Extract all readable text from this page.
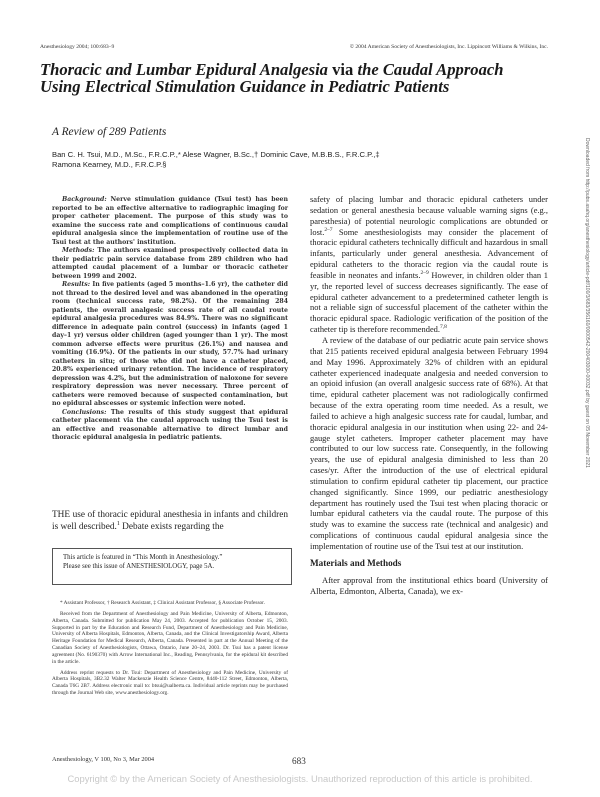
Anesthesiology 2004; 100:683–9	© 2004 American Society of Anesthesiologists, Inc. Lippincott Williams & Wilkins, Inc.
Thoracic and Lumbar Epidural Analgesia via the Caudal Approach Using Electrical Stimulation Guidance in Pediatric Patients
A Review of 289 Patients
Ban C. H. Tsui, M.D., M.Sc., F.R.C.P.,* Alese Wagner, B.Sc.,† Dominic Cave, M.B.B.S., F.R.C.P.,‡
Ramona Kearney, M.D., F.R.C.P.§

Background: Nerve stimulation guidance (Tsui test) has been reported to be an effective alternative to radiographic imaging for proper catheter placement. The purpose of this study was to examine the success rate and complications of continuous caudal epidural analgesia since the implementation of routine use of the Tsui test at the authors' institution.

Methods: The authors examined prospectively collected data in their pediatric pain service database from 289 children who had attempted caudal placement of a lumbar or thoracic catheter between 1999 and 2002.

Results: In five patients (aged 5 months–1.6 yr), the catheter did not thread to the desired level and was abandoned in the operating room (technical success rate, 98.2%). Of the remaining 284 patients, the overall analgesic success rate of all caudal route epidural analgesia procedures was 84.9%. There was no significant difference in adequate pain control (success) in infants (aged 1 day–1 yr) versus older children (aged younger than 1 yr). The most common adverse effects were pruritus (26.1%) and nausea and vomiting (16.9%). Of the patients in our study, 57.7% had urinary catheters in situ; of those who did not have a catheter placed, 20.8% experienced urinary retention. The incidence of respiratory depression was 4.2%, but the administration of naloxone for severe respiratory depression was never necessary. Three percent of catheters were removed because of suspected contamination, but no epidural abscesses or systemic infection were noted.

Conclusions: The results of this study suggest that epidural catheter placement via the caudal approach using the Tsui test is an effective and reasonable alternative to direct lumbar and thoracic epidural analgesia in pediatric patients.

THE use of thoracic epidural anesthesia in infants and children is well described.$^1$ Debate exists regarding the

This article is featured in “This Month in Anesthesiology.”

Please see this issue of ANESTHESIOLOGY, page 5A.

* Assistant Professor, † Research Assistant, ‡ Clinical Assistant Professor, § Associate Professor.

Received from the Department of Anesthesiology and Pain Medicine, University of Alberta, Edmonton, Alberta, Canada. Submitted for publication May 24, 2003. Accepted for publication October 15, 2003. Supported in part by the Education and Research Fund, Department of Anesthesiology and Pain Medicine, University of Alberta Hospitals, Edmonton, Alberta, Canada, and the Clinical Investigatorship Award, Alberta Heritage Foundation for Medical Research, Alberta, Canada. Presented in part at the Annual Meeting of the Canadian Society of Anesthesiologists, Ottawa, Ontario, June 20–24, 2003. Dr. Tsui has a patent license agreement (No. 6190370) with Arrow International Inc., Reading, Pennsylvania, for the epidural kit described in the article.

Address reprint requests to Dr. Tsui: Department of Anesthesiology and Pain Medicine, University of Alberta Hospitals, 3B2.32 Walter Mackenzie Health Science Centre, 8440-112 Street, Edmonton, Alberta, Canada T6G 2B7. Address electronic mail to: btsui@ualberta.ca. Individual article reprints may be purchased through the Journal Web site, www.anesthesiology.org.

safety of placing lumbar and thoracic epidural catheters under sedation or general anesthesia because valuable warning signs (e.g., paresthesia) of potential neurologic complications are obtunded or lost.$^{2-7}$ Some anesthesiologists may consider the placement of thoracic epidural catheters technically difficult and hazardous in small infants, particularly under general anesthesia. Advancement of epidural catheters to the thoracic region via the caudal route is feasible in neonates and infants.$^{2-9}$ However, in children older than 1 yr, the reported level of success decreases significantly. The ease of epidural catheter advancement to a predetermined catheter length is not a reliable sign of successful placement of the catheter within the thoracic epidural space. Radiologic verification of the position of the catheter tip is therefore recommended.$^{7,8}$

A review of the database of our pediatric acute pain service shows that 215 patients received epidural analgesia between February 1994 and May 1996. Approximately 32% of children with an epidural catheter experienced inadequate analgesia and needed conversion to an opioid infusion (an overall analgesic success rate of 68%). At that time, epidural catheter placement was not radiologically confirmed because of the extra operating room time needed. As a result, we failed to achieve a high analgesic success rate for caudal, lumbar, and thoracic epidural analgesia in our institution when using 22- and 24-gauge stylet catheters. Improper catheter placement may have contributed to our low success rate. Consequently, in the following years, the use of epidural analgesia diminished to less than 20 cases/yr. After the introduction of the use of electrical epidural stimulation to confirm epidural catheter tip placement, our practice changed significantly. Since 1999, our pediatric anesthesiology department has routinely used the Tsui test when placing thoracic or lumbar epidural catheters via the caudal route. The purpose of this study was to examine the success rate (technical and analgesic) and complications of continuous caudal epidural analgesia since the implementation of routine use of the Tsui test at our institution.

Materials and Methods

After approval from the institutional ethics board (University of Alberta, Edmonton, Alberta, Canada), we ex-

Anesthesiology, V 100, No 3, Mar 2004	683
Copyright © by the American Society of Anesthesiologists. Unauthorized reproduction of this article is prohibited.
Downloaded from http://pubs.asahq.org/anesthesiology/article-pdf/100/3/683/356160/0000542-200403000-00032.pdf by guest on 05 November 2021
